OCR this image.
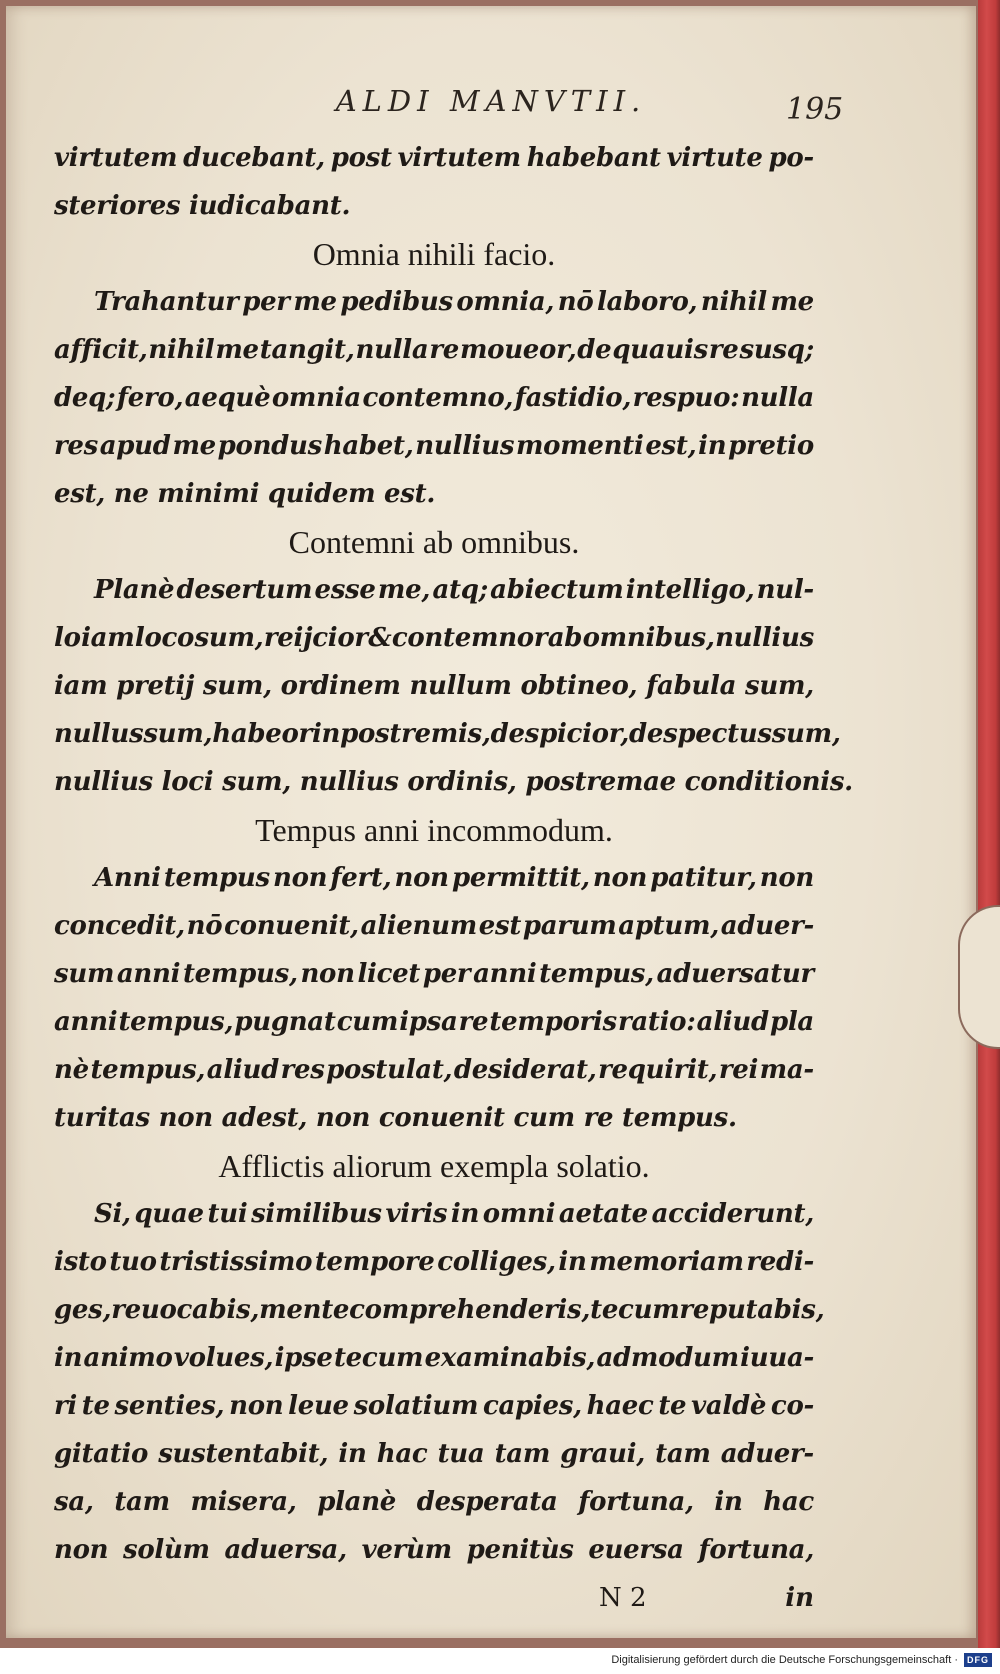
ALDI MANVTII.	195
virtutem ducebant, post virtutem habebant virtute po-
steriores iudicabant.
Omnia nihili facio.
Trahantur per me pedibus omnia, nō laboro, nihil me
afficit, nihil me tangit, nulla re moueor, de quauis re susq;
deq; fero, aequè omnia contemno, fastidio, respuo: nulla
res apud me pondus habet, nullius momenti est, in pretio
est, ne minimi quidem est.
Contemni ab omnibus.
Planè desertum esse me, atq; abiectum intelligo, nul-
lo iam loco sum, reijcior & contemnor ab omnibus, nullius
iam pretij sum, ordinem nullum obtineo, fabula sum,
nullus sum, habeor in postremis, despicior, despectus sum,
nullius loci sum, nullius ordinis, postremae conditionis.
Tempus anni incommodum.
Anni tempus non fert, non permittit, non patitur, non
concedit, nō conuenit, alienum est parum aptum, aduer-
sum anni tempus, non licet per anni tempus, aduersatur
anni tempus, pugnat cum ipsa re temporis ratio: aliud pla
nè tempus, aliud res postulat, desiderat, requirit, rei ma-
turitas non adest, non conuenit cum re tempus.
Afflictis aliorum exempla solatio.
Si, quae tui similibus viris in omni aetate acciderunt,
isto tuo tristissimo tempore colliges, in memoriam redi-
ges, reuocabis, mente comprehenderis, tecum reputabis,
in animo volues, ipse tecum examinabis, admodum iuua-
ri te senties, non leue solatium capies, haec te valdè co-
gitatio sustentabit, in hac tua tam graui, tam aduer-
sa, tam misera, planè desperata fortuna, in hac
non solùm aduersa, verùm penitùs euersa fortuna,
N 2	in
Digitalisierung gefördert durch die Deutsche Forschungsgemeinschaft ·	DFG
